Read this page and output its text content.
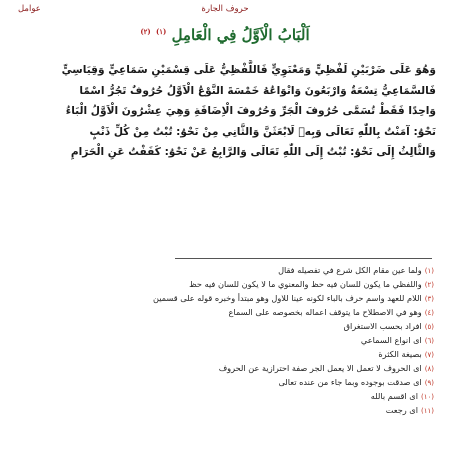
حروف الجارة
عوامل
اَلْبَابُ الْاَوَّلُ فِي الْعَامِلِ $^{(١)}$ $^{(٢)}$
وَهُوَ عَلَى ضَرْبَيْنِ لَفْظِيٍّ وَمَعْنَوِيٍّ فَاللَّفْظِيُّ عَلَى قِسْمَيْنِ سَمَاعِيٍّ وَقِيَاسِيٍّ
فَالسَّمَاعِيُّ تِسْعَةٌ وَارْبَعُونَ وَانْوَاعُهُ خَمْسَةَ النَّوْعُ الْاَوَّلُ حُرُوفٌ تَجُرُّ اسْمًا
وَاحِدًا فَقَطْ تُسَمَّى حُرُوفَ الْجَرِّ وَحُرُوفَ الْاِضَافَةِ وَهِيَ عِشْرُونَ الْاَوَّلُ الْبَاءُ
نَحْوُ: آمَنْتُ بِاللّٰهِ تَعَالَى وَبِهٖ لَابْعَثَنَّ وَالثَّانِي مِنْ نَحْوُ: تُبْتُ مِنْ كُلِّ ذَنْبٍ
وَالثَّالِثُ إِلَى نَحْوُ: تُبْتُ إِلَى اللّٰهِ تَعَالَى وَالرَّابِعُ عَنْ نَحْوُ: كَفَفْتُ عَنِ الْحَرَامِ
(١)ولما عين مقام الكل شرع في تفصيله فقال
(٢)واللفظي ما يكون للسان فيه حظ والمعنوي ما لا يكون للسان فيه حظ
(٣)اللام للعهد واسم حرف بالباء لكونه عينا للاول وهو مبتدأ وخبره قوله على قسمين
(٤)وهو في الاصطلاح ما يتوقف اعماله بخصوصه على السماع
(٥)افراد بحسب الاستغراق
(٦)اى انواع السماعي
(٧)بصيغة الكثرة
(٨)اى الحروف لا تعمل الا يعمل الجر صفة احترازية عن الحروف
(٩)اى صدقت بوجوده وبما جاء من عنده تعالى
(١٠)اى اقسم بالله
(١١)اى رجعت
